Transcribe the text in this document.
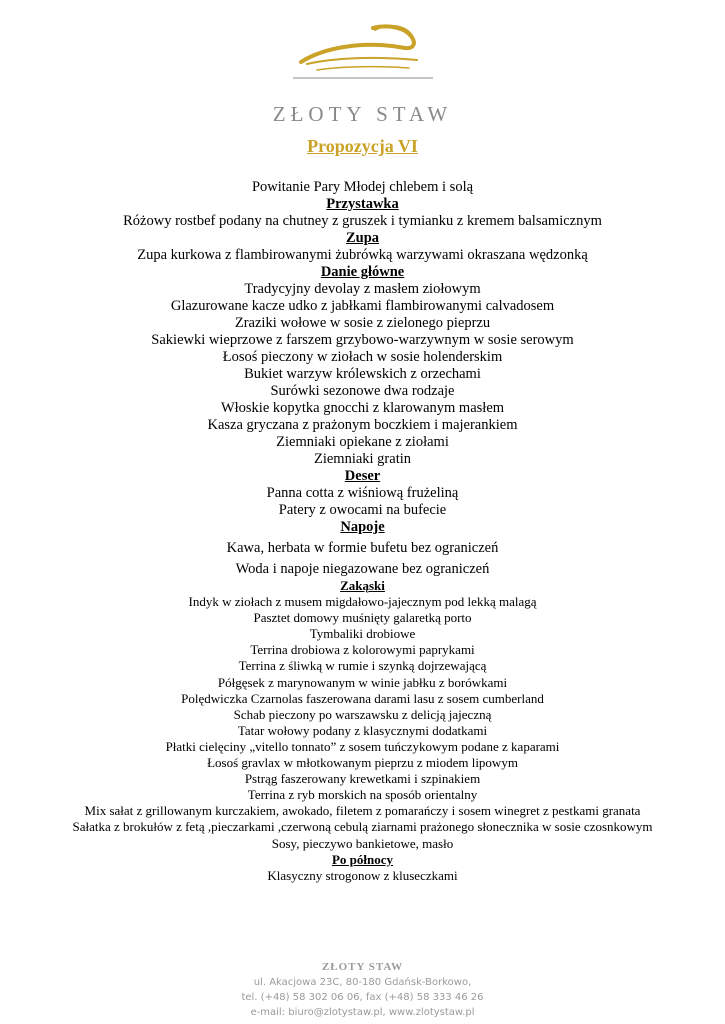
ZŁOTY STAW
Propozycja VI
Powitanie Pary Młodej chlebem i solą
Przystawka
Różowy rostbef podany na chutney z gruszek i tymianku z kremem balsamicznym
Zupa
Zupa kurkowa z flambirowanymi żubrówką warzywami okraszana wędzonką
Danie główne
Tradycyjny devolay z masłem ziołowym
Glazurowane kacze udko z jabłkami flambirowanymi calvadosem
Zraziki wołowe w sosie z zielonego pieprzu
Sakiewki wieprzowe z farszem grzybowo-warzywnym w sosie serowym
Łosoś pieczony w ziołach w sosie holenderskim
Bukiet warzyw królewskich z orzechami
Surówki sezonowe dwa rodzaje
Włoskie kopytka gnocchi z klarowanym masłem
Kasza gryczana z prażonym boczkiem i majerankiem
Ziemniaki opiekane z ziołami
Ziemniaki gratin
Deser
Panna cotta z wiśniową frużeliną
Patery z owocami na bufecie
Napoje
Kawa, herbata w formie bufetu bez ograniczeń
Woda i napoje niegazowane bez ograniczeń
Zakąski
Indyk w ziołach z musem migdałowo-jajecznym pod lekką malagą
Pasztet domowy muśnięty galaretką porto
Tymbaliki drobiowe
Terrina drobiowa z kolorowymi paprykami
Terrina z śliwką w rumie i szynką dojrzewającą
Półgęsek z marynowanym w winie jabłku z borówkami
Polędwiczka Czarnolas faszerowana darami lasu z sosem cumberland
Schab pieczony po warszawsku z delicją jajeczną
Tatar wołowy podany z klasycznymi dodatkami
Płatki cielęciny „vitello tonnato” z sosem tuńczykowym podane z kaparami
Łosoś gravlax w młotkowanym pieprzu z miodem lipowym
Pstrąg faszerowany krewetkami i szpinakiem
Terrina z ryb morskich na sposób orientalny
Mix sałat z grillowanym kurczakiem, awokado, filetem z pomarańczy i sosem winegret z pestkami granata
Sałatka z brokułów z fetą ,pieczarkami ,czerwoną cebulą ziarnami prażonego słonecznika w sosie czosnkowym
Sosy, pieczywo bankietowe, masło
Po północy
Klasyczny strogonow z kluseczkami
ZŁOTY STAW
ul. Akacjowa 23C, 80-180 Gdańsk-Borkowo,
tel. (+48) 58 302 06 06, fax (+48) 58 333 46 26
e-mail: biuro@zlotystaw.pl, www.zlotystaw.pl
